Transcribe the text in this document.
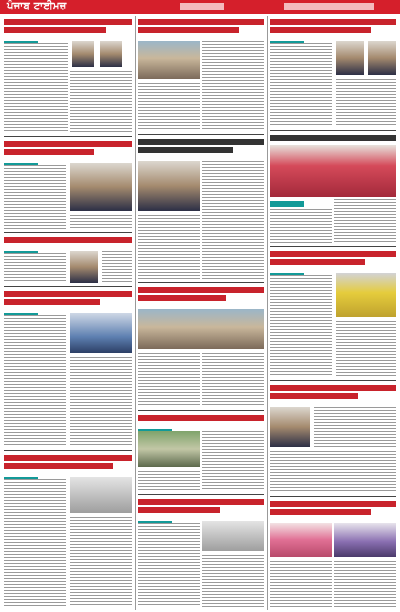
ਪੰਜਾਬ ਟਾਈਮਜ਼
